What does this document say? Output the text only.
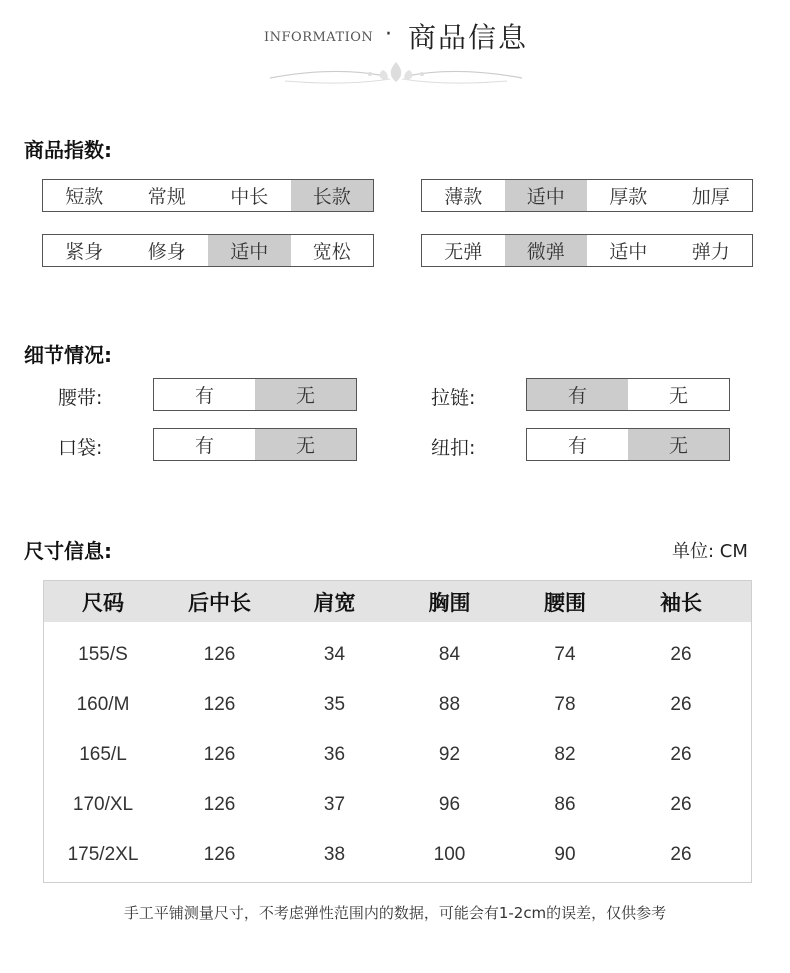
INFORMATION · 商品信息
商品指数:
短款	常规	中长	长款	薄款	适中	厚款	加厚
紧身	修身	适中	宽松	无弹	微弹	适中	弹力
细节情况:
腰带:	有	无	拉链:	有	无
口袋:	有	无	纽扣:	有	无
尺寸信息:	单位: CM
尺码	后中长	肩宽	胸围	腰围	袖长
155/S	126	34	84	74	26
160/M	126	35	88	78	26
165/L	126	36	92	82	26
170/XL	126	37	96	86	26
175/2XL	126	38	100	90	26
手工平铺测量尺寸，不考虑弹性范围内的数据，可能会有1-2cm的误差，仅供参考
